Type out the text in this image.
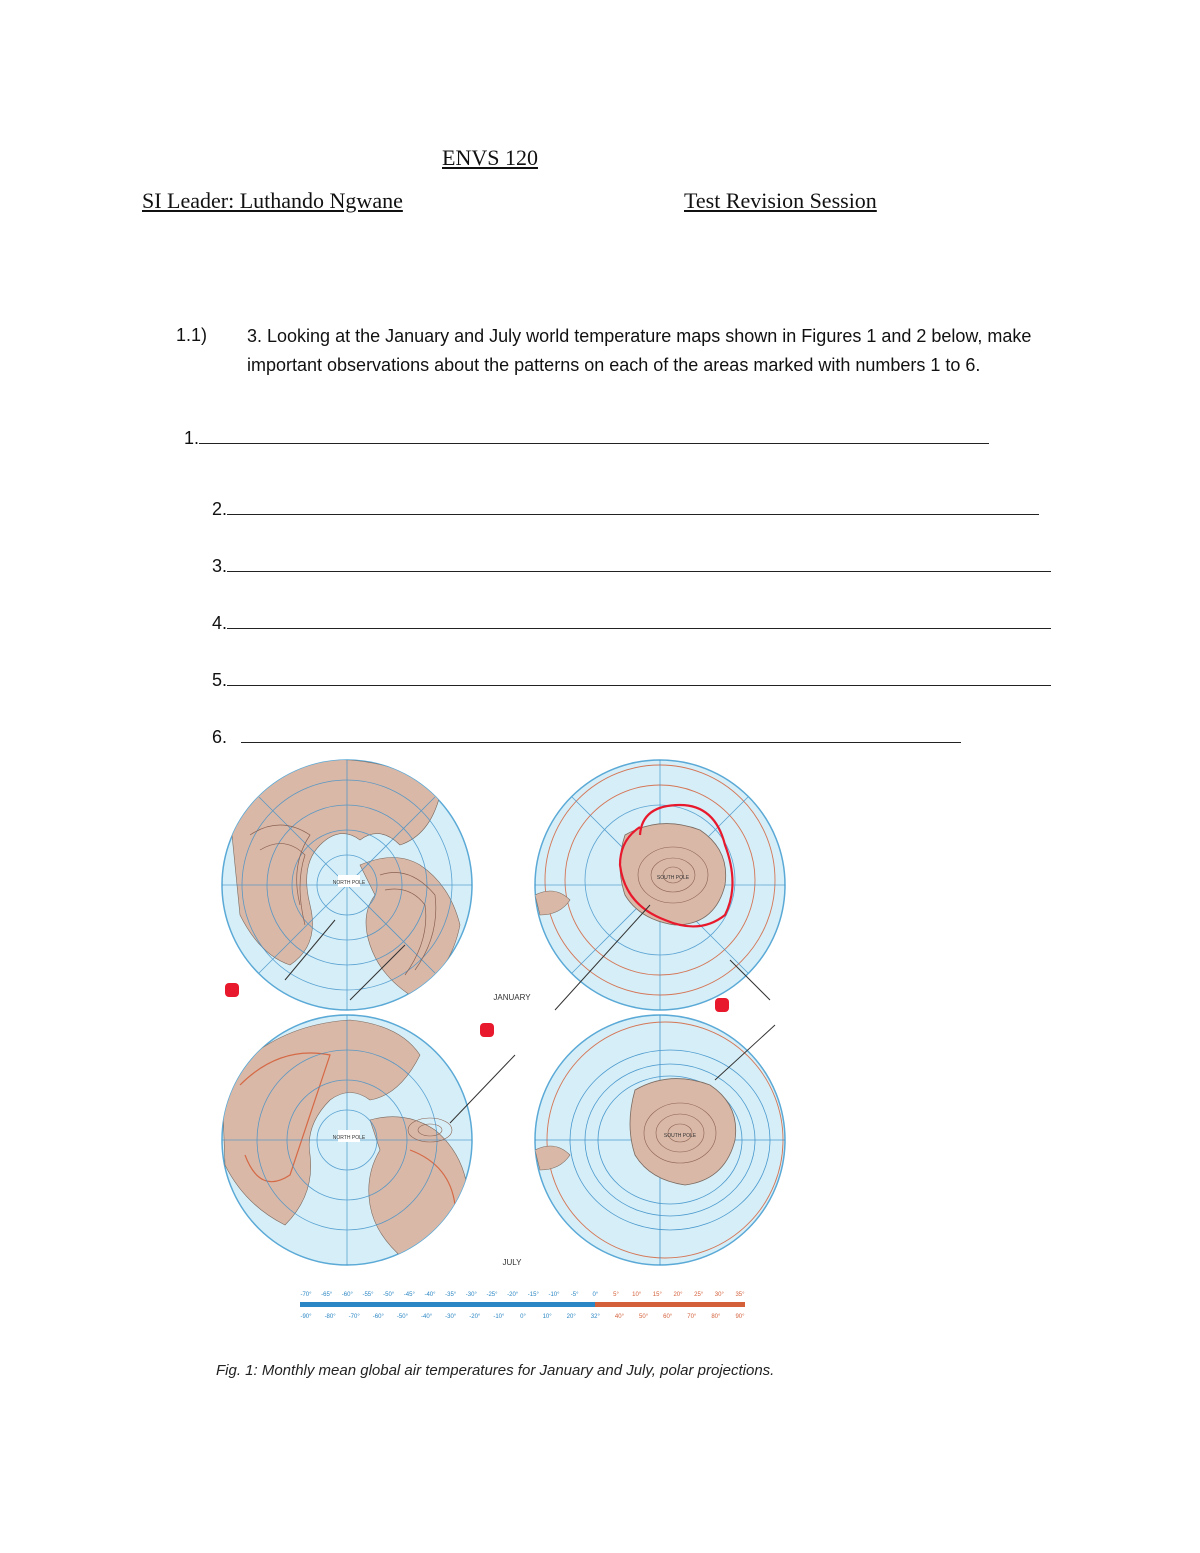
ENVS 120
SI Leader: Luthando Ngwane	Test Revision Session
1.1) 3. Looking at the January and July world temperature maps shown in Figures 1 and 2 below, make important observations about the patterns on each of the areas marked with numbers 1 to 6.
1.
2.
3.
4.
5.
6.
NORTH POLE
SOUTH POLE
JANUARY
NORTH POLE	SOUTH POLE
JULY
-70° -65° -60° -55° -50° -45° -40° -35° -30° -25° -20° -15° -10° -5° 0° 5° 10° 15° 20° 25° 30° 35°
-90° -80° -70° -60° -50° -40° -30° -20° -10°	0°	10°	20°	32°	40°	50°	60°	70°	80°	90°
Fig. 1: Monthly mean global air temperatures for January and July, polar projections.
